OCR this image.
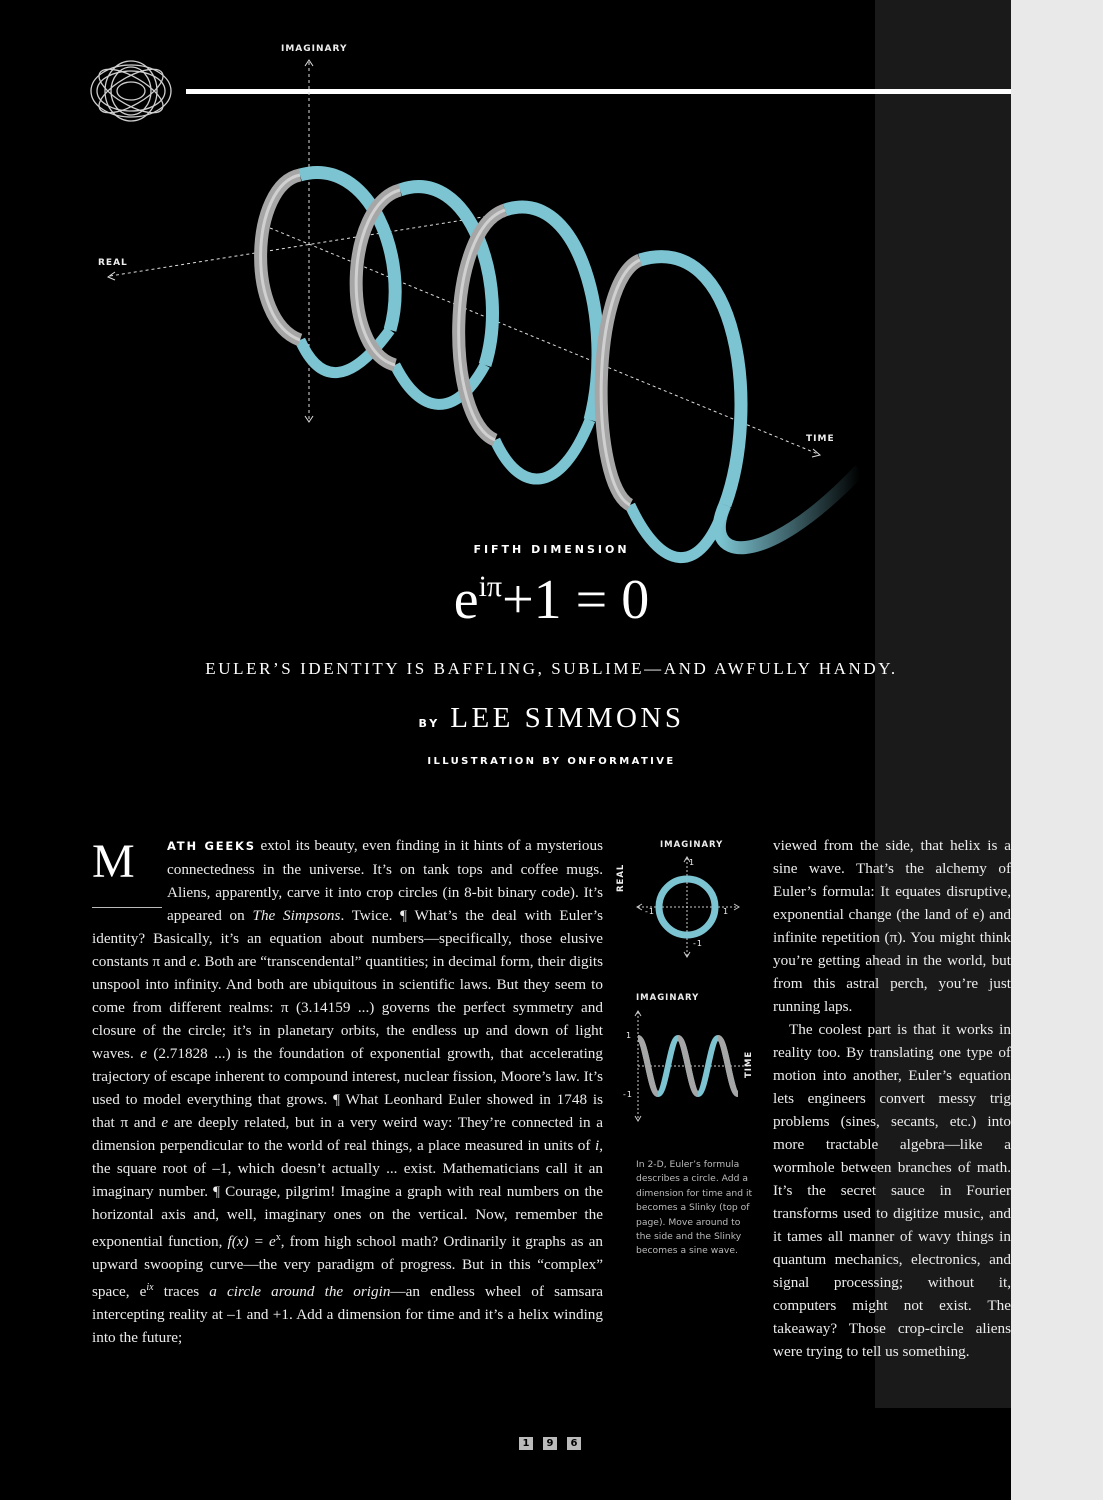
IMAGINARY
REAL
TIME
FIFTH DIMENSION
$e^{i\pi}+1 = 0$
EULER’S IDENTITY IS BAFFLING, SUBLIME—AND AWFULLY HANDY.
BY LEE SIMMONS
ILLUSTRATION BY ONFORMATIVE
M	ATH GEEKS extol its beauty, even finding in it hints of a mysterious connectedness in the universe. It’s on tank tops and coffee mugs. Aliens, apparently, carve it into crop circles (in 8-bit binary code). It’s appeared on The Simpsons. Twice. ¶ What’s the deal with Euler’s identity? Basically, it’s an equation about numbers—specifically, those elusive constants π and e. Both are “transcendental” quantities; in decimal form, their digits unspool into infinity. And both are ubiquitous in scientific laws. But they seem to come from different realms: π (3.14159 ...) governs the perfect symmetry and closure of the circle; it’s in planetary orbits, the endless up and down of light waves. e (2.71828 ...) is the foundation of exponential growth, that accelerating trajectory of escape inherent to compound interest, nuclear fission, Moore’s law. It’s used to model everything that grows. ¶ What Leonhard Euler showed in 1748 is that π and e are deeply related, but in a very weird way: They’re connected in a dimension perpendicular to the world of real things, a place measured in units of i, the square root of –1, which doesn’t actually ... exist. Mathematicians call it an imaginary number. ¶ Courage, pilgrim! Imagine a graph with real numbers on the horizontal axis and, well, imaginary ones on the vertical. Now, remember the exponential function, $f(x) = e^x$, from high school math? Ordinarily it graphs as an upward swooping curve—the very paradigm of progress. But in this “complex” space, $e^{ix}$ traces a circle around the origin—an endless wheel of samsara intercepting reality at –1 and +1. Add a dimension for time and it’s a helix winding into the future;
IMAGINARY
REAL
1
-1	1
-1
IMAGINARY
TIME
1
-1
In 2-D, Euler’s formula describes a circle. Add a dimension for time and it becomes a Slinky (top of page). Move around to the side and the Slinky becomes a sine wave.

viewed from the side, that helix is a sine wave. That’s the alchemy of Euler’s formula: It equates disruptive, exponential change (the land of e) and infinite repetition (π). You might think you’re getting ahead in the world, but from this astral perch, you’re just running laps.

The coolest part is that it works in reality too. By translating one type of motion into another, Euler’s equation lets engineers convert messy trig problems (sines, secants, etc.) into more tractable algebra—like a wormhole between branches of math. It’s the secret sauce in Fourier transforms used to digitize music, and it tames all manner of wavy things in quantum mechanics, electronics, and signal processing; without it, computers might not exist. The takeaway? Those crop-circle aliens were trying to tell us something.

1	9	6
